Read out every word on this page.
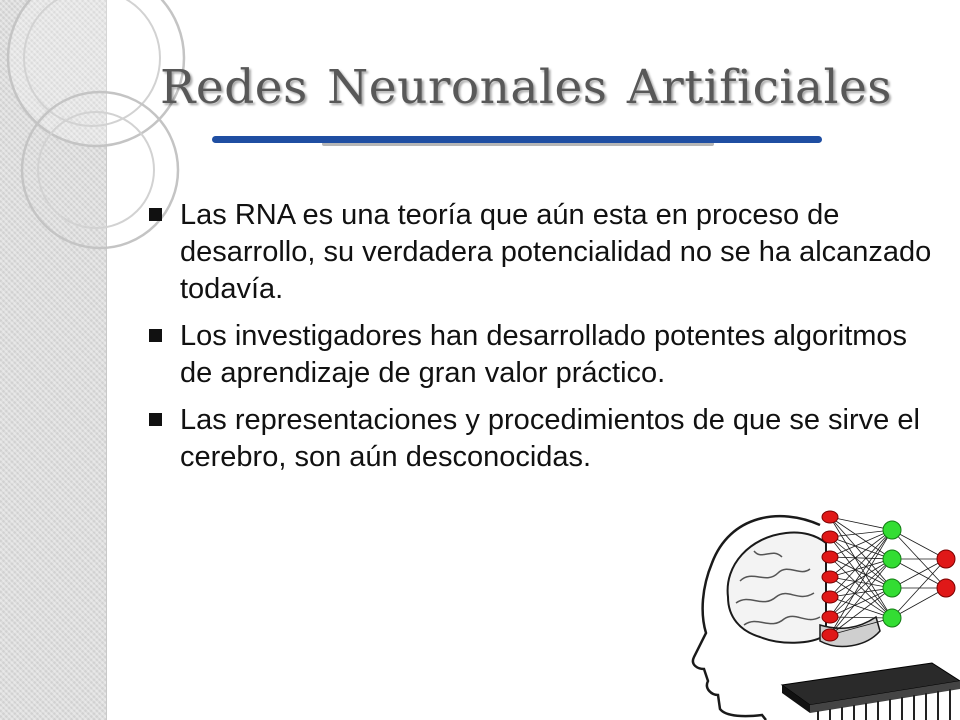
Redes Neuronales Artificiales
Las RNA es una teoría que aún esta en proceso de desarrollo, su verdadera potencialidad no se ha alcanzado todavía.
Los investigadores han desarrollado potentes algoritmos de aprendizaje de gran valor práctico.
Las representaciones y procedimientos de que se sirve el cerebro, son aún desconocidas.
